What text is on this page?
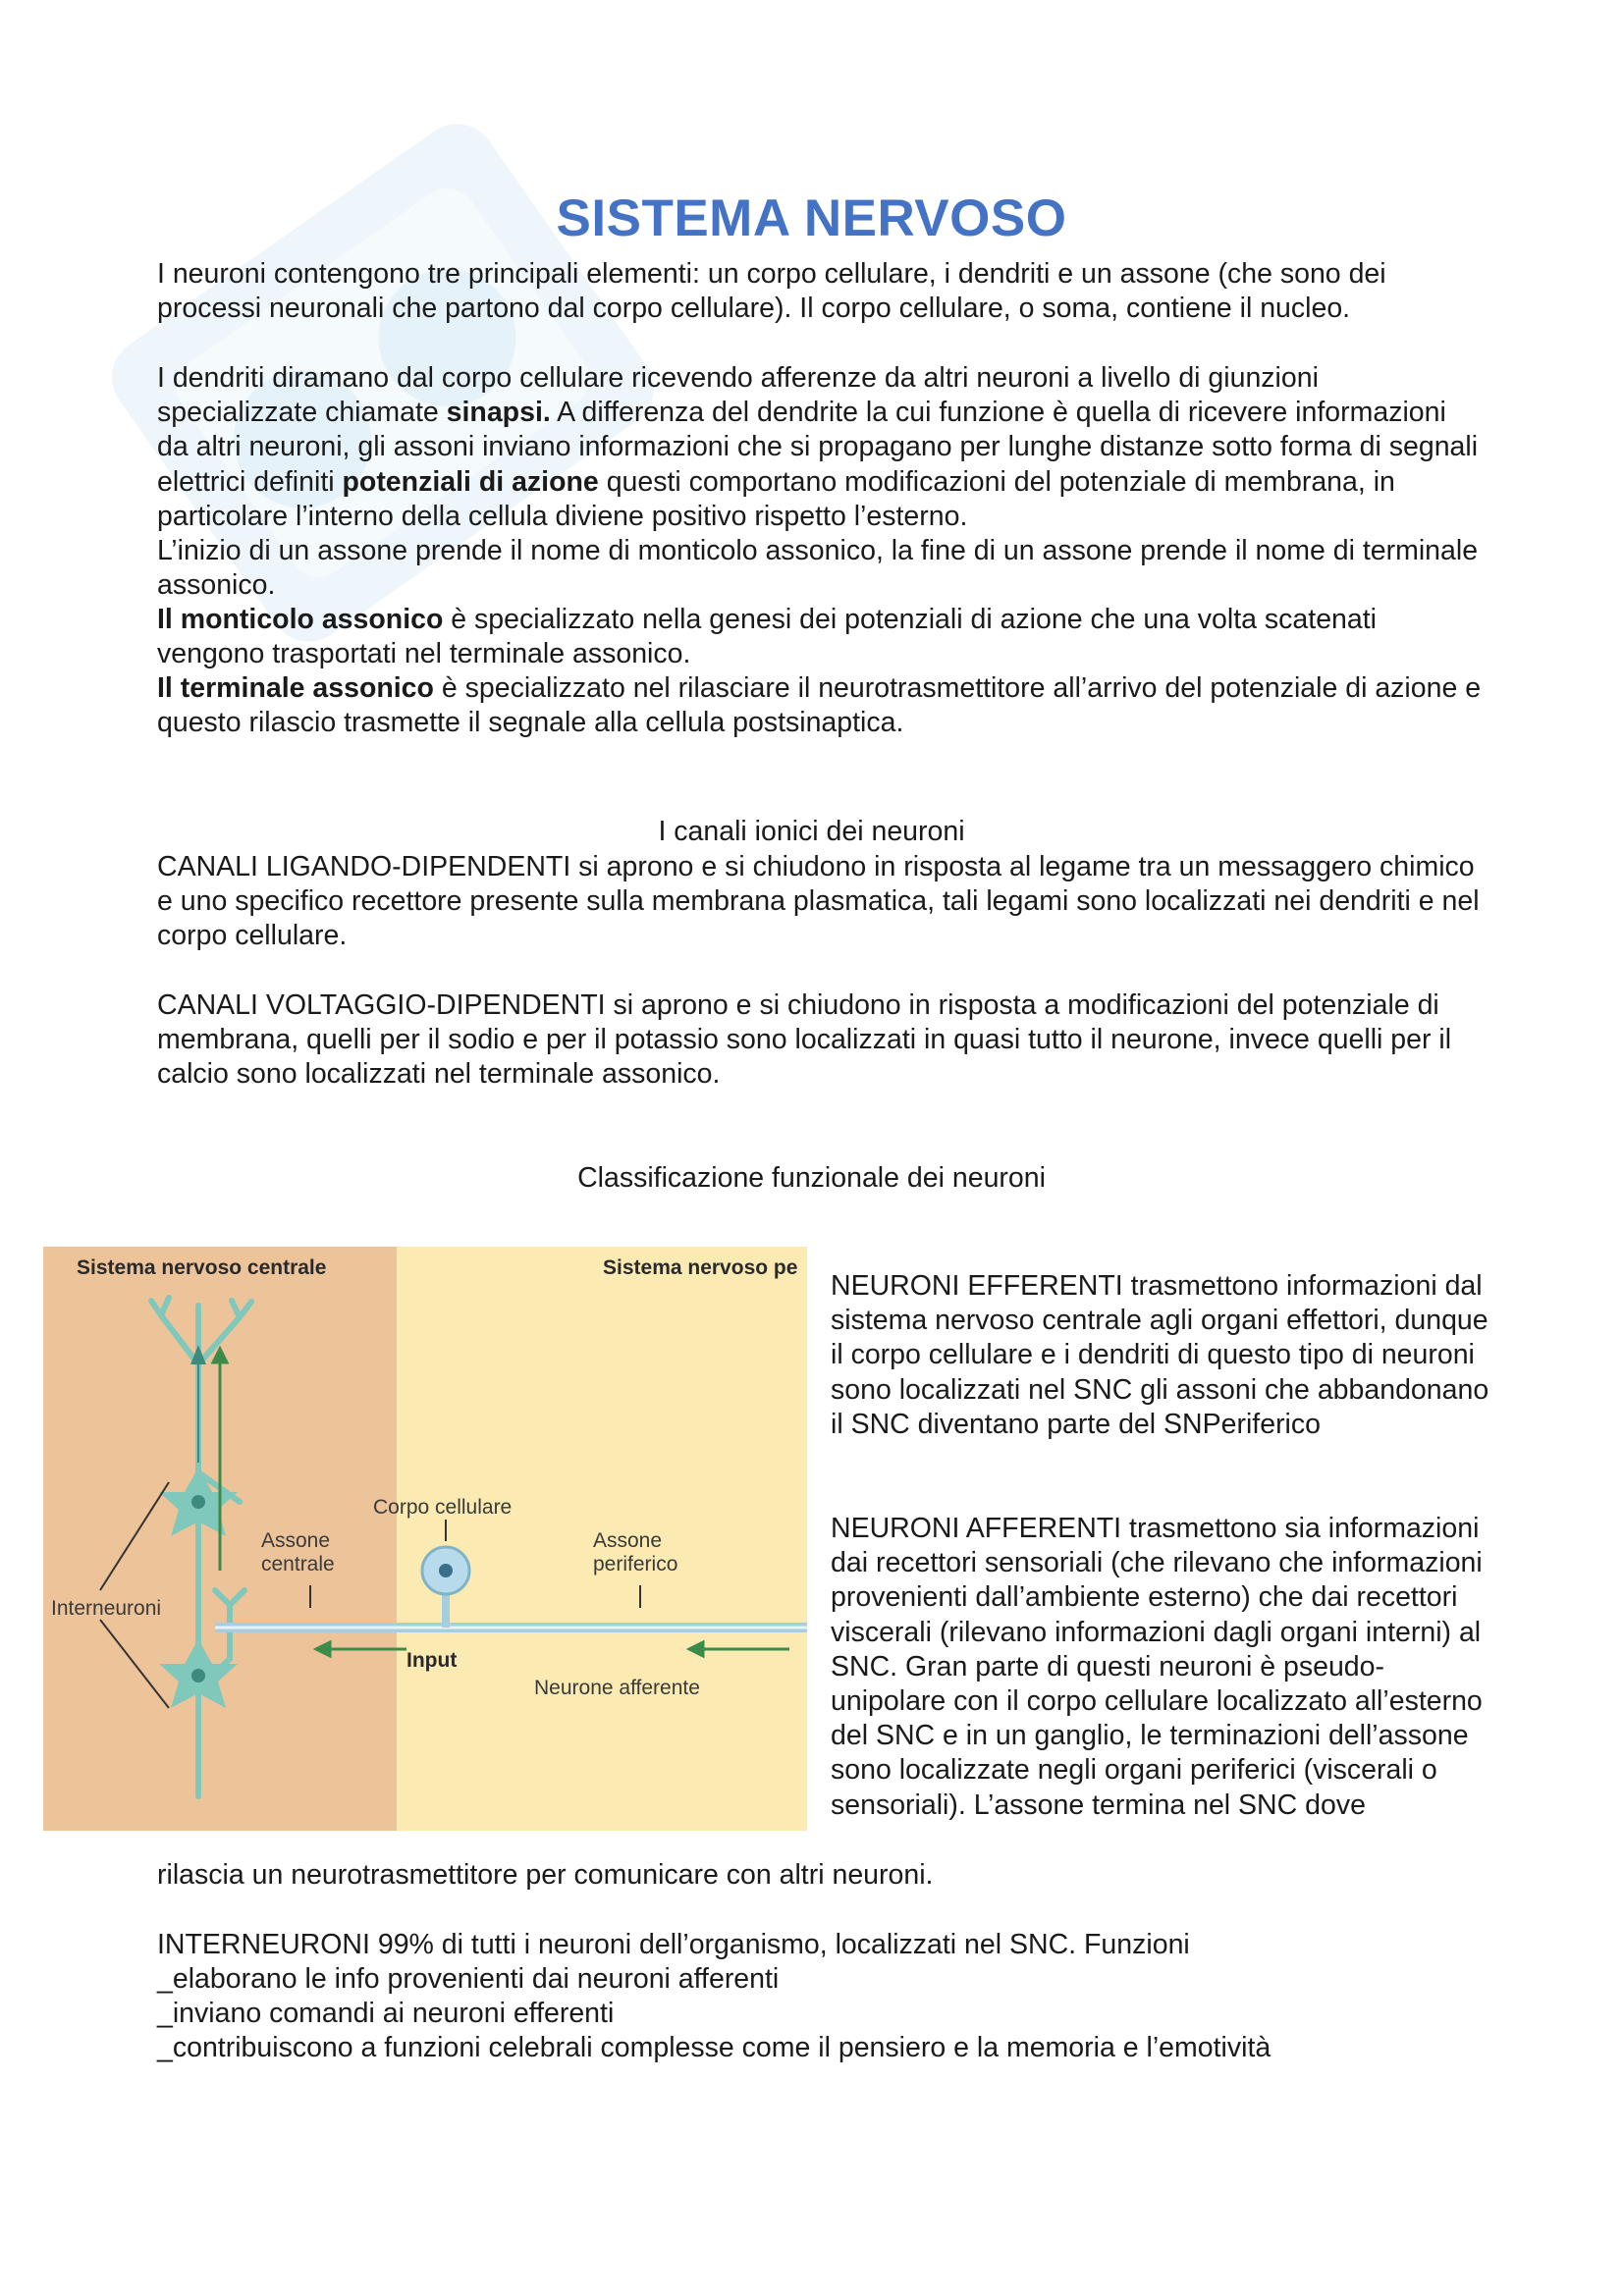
SISTEMA NERVOSO

I neuroni contengono tre principali elementi: un corpo cellulare, i dendriti e un assone (che sono dei processi neuronali che partono dal corpo cellulare). Il corpo cellulare, o soma, contiene il nucleo.

I dendriti diramano dal corpo cellulare ricevendo afferenze da altri neuroni a livello di giunzioni specializzate chiamate sinapsi. A differenza del dendrite la cui funzione è quella di ricevere informazioni da altri neuroni, gli assoni inviano informazioni che si propagano per lunghe distanze sotto forma di segnali elettrici definiti potenziali di azione questi comportano modificazioni del potenziale di membrana, in particolare l’interno della cellula diviene positivo rispetto l’esterno.

L’inizio di un assone prende il nome di monticolo assonico, la fine di un assone prende il nome di terminale assonico.

Il monticolo assonico è specializzato nella genesi dei potenziali di azione che una volta scatenati vengono trasportati nel terminale assonico.

Il terminale assonico è specializzato nel rilasciare il neurotrasmettitore all’arrivo del potenziale di azione e questo rilascio trasmette il segnale alla cellula postsinaptica.

I canali ionici dei neuroni

CANALI LIGANDO-DIPENDENTI si aprono e si chiudono in risposta al legame tra un messaggero chimico e uno specifico recettore presente sulla membrana plasmatica, tali legami sono localizzati nei dendriti e nel corpo cellulare.

CANALI VOLTAGGIO-DIPENDENTI si aprono e si chiudono in risposta a modificazioni del potenziale di membrana, quelli per il sodio e per il potassio sono localizzati in quasi tutto il neurone, invece quelli per il calcio sono localizzati nel terminale assonico.

Classificazione funzionale dei neuroni
Sistema nervoso centrale	Sistema nervoso pe
Corpo cellulare
Assone
centrale
Assone
periferico
Interneuroni
Neurone afferente
Input

NEURONI EFFERENTI trasmettono informazioni dal sistema nervoso centrale agli organi effettori, dunque il corpo cellulare e i dendriti di questo tipo di neuroni sono localizzati nel SNC gli assoni che abbandonano il SNC diventano parte del SNPeriferico

NEURONI AFFERENTI trasmettono sia informazioni dai recettori sensoriali (che rilevano che informazioni provenienti dall’ambiente esterno) che dai recettori viscerali (rilevano informazioni dagli organi interni) al SNC. Gran parte di questi neuroni è pseudo-unipolare con il corpo cellulare localizzato all’esterno del SNC e in un ganglio, le terminazioni dell’assone sono localizzate negli organi periferici (viscerali o sensoriali). L’assone termina nel SNC dove

rilascia un neurotrasmettitore per comunicare con altri neuroni.

INTERNEURONI 99% di tutti i neuroni dell’organismo, localizzati nel SNC. Funzioni

_elaborano le info provenienti dai neuroni afferenti

_inviano comandi ai neuroni efferenti

_contribuiscono a funzioni celebrali complesse come il pensiero e la memoria e l’emotività
